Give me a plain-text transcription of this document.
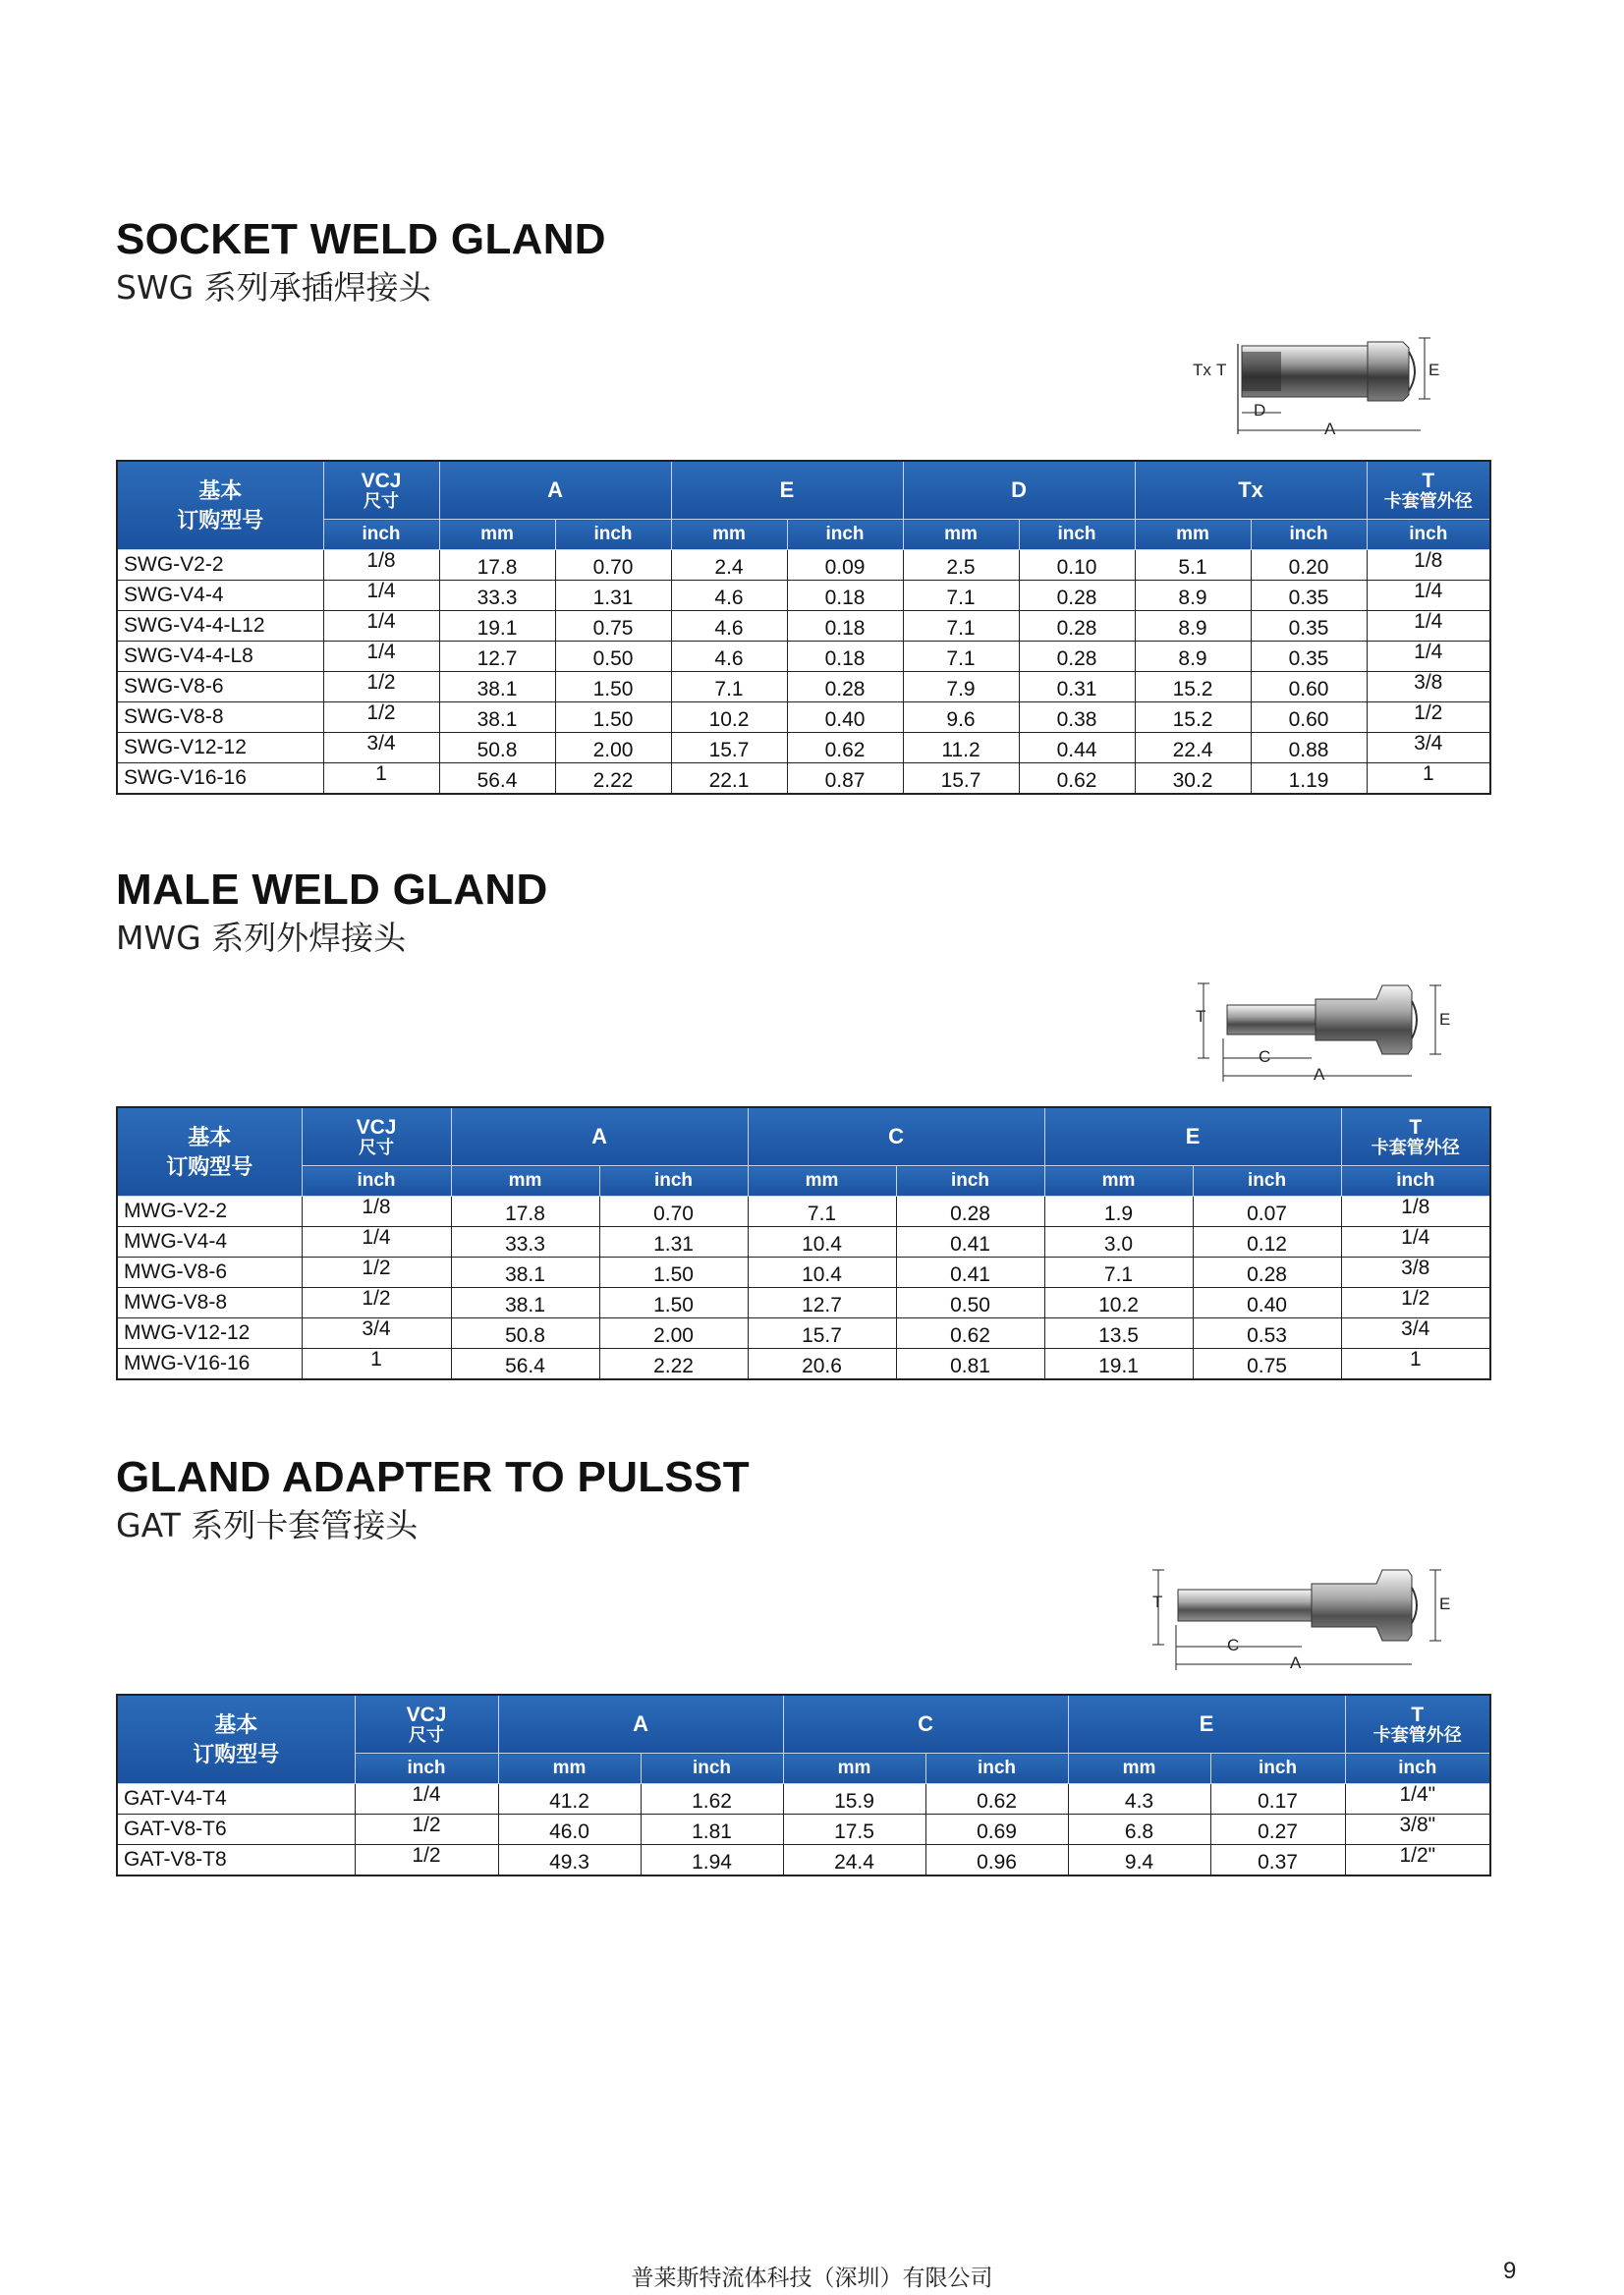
SOCKET WELD GLAND
SWG 系列承插焊接头
E
Tx T
D
A
基本
订购型号	VCJ
尺寸	A		E		D		Tx		T
卡套管外径

	inch	mm	inch	mm	inch	mm	inch	mm	inch	inch
SWG-V2-2	1/8	17.8	0.70	2.4	0.09	2.5	0.10	5.1	0.20	1/8
SWG-V4-4	1/4	33.3	1.31	4.6	0.18	7.1	0.28	8.9	0.35	1/4
SWG-V4-4-L12	1/4	19.1	0.75	4.6	0.18	7.1	0.28	8.9	0.35	1/4
SWG-V4-4-L8	1/4	12.7	0.50	4.6	0.18	7.1	0.28	8.9	0.35	1/4
SWG-V8-6	1/2	38.1	1.50	7.1	0.28	7.9	0.31	15.2	0.60	3/8
SWG-V8-8	1/2	38.1	1.50	10.2	0.40	9.6	0.38	15.2	0.60	1/2
SWG-V12-12	3/4	50.8	2.00	15.7	0.62	11.2	0.44	22.4	0.88	3/4
SWG-V16-16	1	56.4	2.22	22.1	0.87	15.7	0.62	30.2	1.19	1
MALE WELD GLAND
MWG 系列外焊接头
T	E
C
A
基本
订购型号	VCJ
尺寸	A		C		E		T
卡套管外径

	inch	mm	inch	mm	inch	mm	inch	inch
MWG-V2-2	1/8	17.8	0.70	7.1	0.28	1.9	0.07	1/8
MWG-V4-4	1/4	33.3	1.31	10.4	0.41	3.0	0.12	1/4
MWG-V8-6	1/2	38.1	1.50	10.4	0.41	7.1	0.28	3/8
MWG-V8-8	1/2	38.1	1.50	12.7	0.50	10.2	0.40	1/2
MWG-V12-12	3/4	50.8	2.00	15.7	0.62	13.5	0.53	3/4
MWG-V16-16	1	56.4	2.22	20.6	0.81	19.1	0.75	1
GLAND ADAPTER TO PULSST
GAT 系列卡套管接头
T	E
C
A
基本
订购型号	VCJ
尺寸	A		C		E		T
卡套管外径

	inch	mm	inch	mm	inch	mm	inch	inch
GAT-V4-T4	1/4	41.2	1.62	15.9	0.62	4.3	0.17	1/4"
GAT-V8-T6	1/2	46.0	1.81	17.5	0.69	6.8	0.27	3/8"
GAT-V8-T8	1/2	49.3	1.94	24.4	0.96	9.4	0.37	1/2"
普莱斯特流体科技（深圳）有限公司	9
